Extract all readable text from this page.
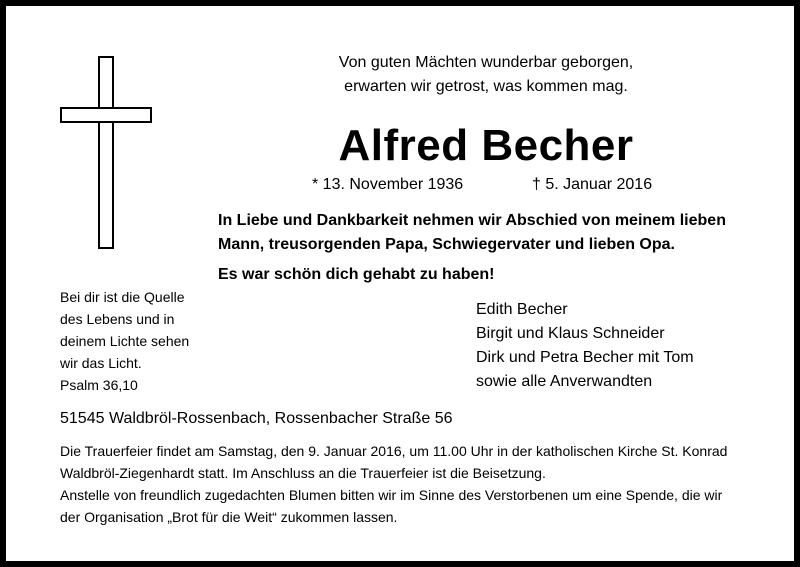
Von guten Mächten wunderbar geborgen,
erwarten wir getrost, was kommen mag.
Alfred Becher
* 13. November 1936	† 5. Januar 2016
In Liebe und Dankbarkeit nehmen wir Abschied von meinem lieben
Mann, treusorgenden Papa, Schwiegervater und lieben Opa.
Es war schön dich gehabt zu haben!
Bei dir ist die Quelle
des Lebens und in
deinem Lichte sehen
wir das Licht.
Psalm 36,10
Edith Becher
Birgit und Klaus Schneider
Dirk und Petra Becher mit Tom
sowie alle Anverwandten
51545 Waldbröl-Rossenbach, Rossenbacher Straße 56
Die Trauerfeier findet am Samstag, den 9. Januar 2016, um 11.00 Uhr in der katholischen Kirche St. Konrad
Waldbröl-Ziegenhardt statt. Im Anschluss an die Trauerfeier ist die Beisetzung.
Anstelle von freundlich zugedachten Blumen bitten wir im Sinne des Verstorbenen um eine Spende, die wir
der Organisation „Brot für die Weit“ zukommen lassen.
